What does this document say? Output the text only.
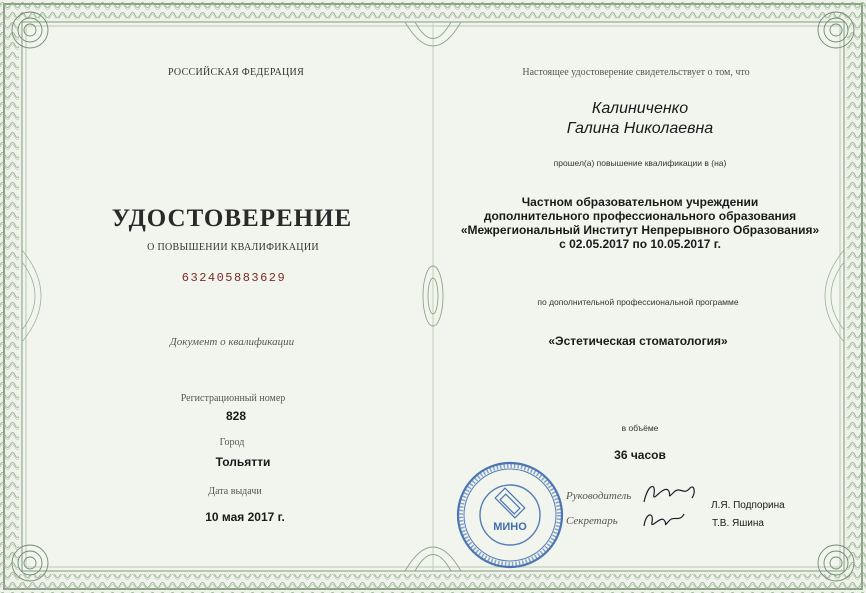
РОССИЙСКАЯ ФЕДЕРАЦИЯ
УДОСТОВЕРЕНИЕ
О ПОВЫШЕНИИ КВАЛИФИКАЦИИ
632405883629
Документ о квалификации
Регистрационный номер
828
Город
Тольятти
Дата выдачи
10 мая 2017 г.
Настоящее удостоверение свидетельствует о том, что
Калиниченко
Галина Николаевна
прошел(а) повышение квалификации в (на)
Частном образовательном учреждении
дополнительного профессионального образования
«Межрегиональный Институт Непрерывного Образования»
с 02.05.2017 по 10.05.2017 г.
по дополнительной профессиональной программе
«Эстетическая стоматология»
в объёме
36 часов
МИНО
Руководитель
Секретарь
Л.Я. Подпорина
Т.В. Яшина
